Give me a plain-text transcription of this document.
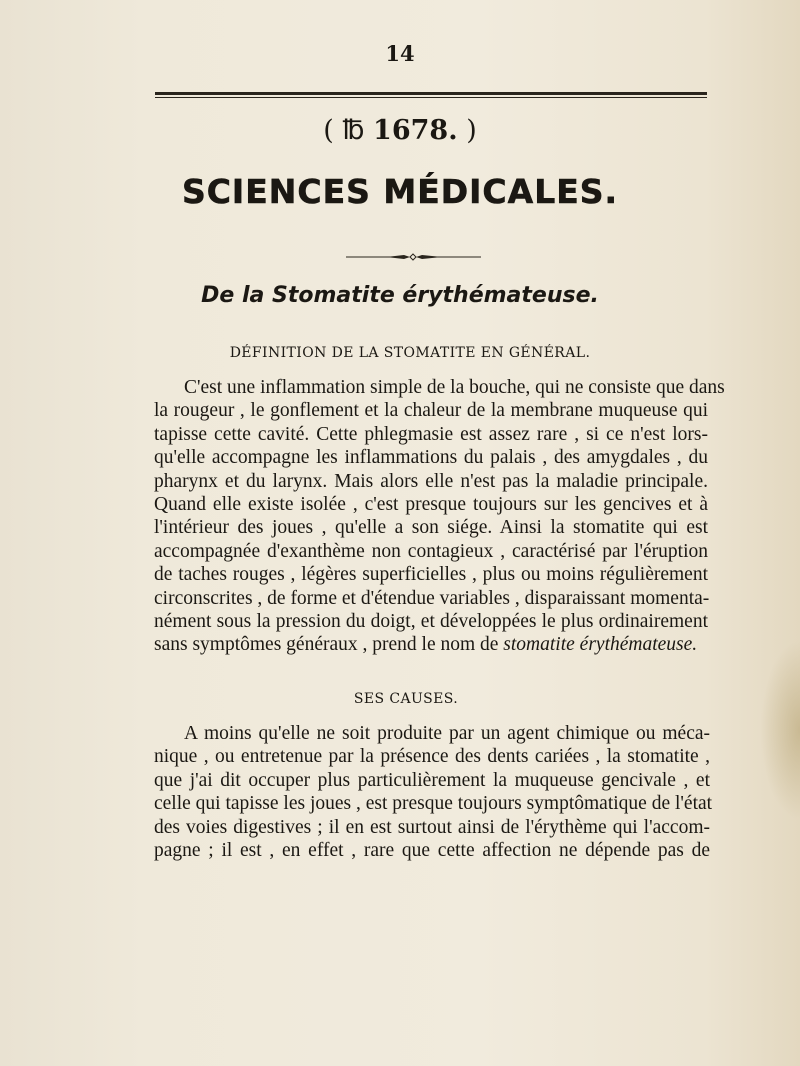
14
( ℔ 1678. )
SCIENCES MÉDICALES.
De la Stomatite érythémateuse.
DÉFINITION DE LA STOMATITE EN GÉNÉRAL.
C'est une inflammation simple de la bouche, qui ne consiste que dans
la rougeur , le gonflement et la chaleur de la membrane muqueuse qui
tapisse cette cavité. Cette phlegmasie est assez rare , si ce n'est lors-
qu'elle accompagne les inflammations du palais , des amygdales , du
pharynx et du larynx. Mais alors elle n'est pas la maladie principale.
Quand elle existe isolée , c'est presque toujours sur les gencives et à
l'intérieur des joues , qu'elle a son siége. Ainsi la stomatite qui est
accompagnée d'exanthème non contagieux , caractérisé par l'éruption
de taches rouges , légères superficielles , plus ou moins régulièrement
circonscrites , de forme et d'étendue variables , disparaissant momenta-
nément sous la pression du doigt, et développées le plus ordinairement
sans symptômes généraux , prend le nom de stomatite érythémateuse.
SES CAUSES.
A moins qu'elle ne soit produite par un agent chimique ou méca-
nique , ou entretenue par la présence des dents cariées , la stomatite ,
que j'ai dit occuper plus particulièrement la muqueuse gencivale , et
celle qui tapisse les joues , est presque toujours symptômatique de l'état
des voies digestives ; il en est surtout ainsi de l'érythème qui l'accom-
pagne ; il est , en effet , rare que cette affection ne dépende pas de
